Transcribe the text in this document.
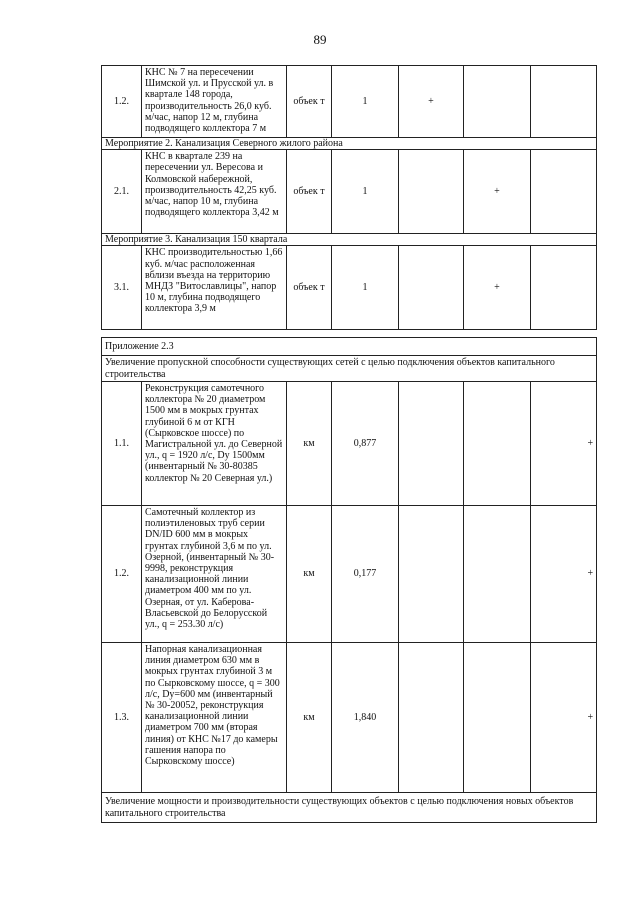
89
1.2.	КНС № 7 на пересечении Шимской ул. и Прусской ул. в квартале 148 города, производительность 26,0 куб. м/час, напор 12 м, глубина подводящего коллектора 7 м	объек т	1	+		
Мероприятие 2. Канализация Северного жилого района						
2.1.	КНС в квартале 239 на пересечении ул. Вересова и Колмовской набережной, производительность 42,25 куб. м/час, напор 10 м, глубина подводящего коллектора 3,42 м	объек т	1		+	
Мероприятие 3. Канализация 150 квартала						
3.1.	КНС производительностью 1,66 куб. м/час расположенная вблизи въезда на территорию МНДЗ "Витославлицы", напор 10 м, глубина подводящего коллектора 3,9 м	объек т	1		+	
Приложение 2.3						
Увеличение пропускной способности существующих сетей с целью подключения объектов капитального строительства						
1.1.	Реконструкция самотечного коллектора № 20 диаметром 1500 мм в мокрых грунтах глубиной 6 м от КГН (Сырковское шоссе) по Магистральной ул. до Северной ул., q = 1920 л/с, Dy 1500мм (инвентарный № 30-80385 коллектор № 20 Северная ул.)	км	0,877			+
1.2.	Самотечный коллектор из полиэтиленовых труб серии DN/ID 600 мм в мокрых грунтах глубиной 3,6 м по ул. Озерной, (инвентарный № 30-9998, реконструкция канализационной линии диаметром 400 мм по ул. Озерная, от ул. Каберова-Власьевской до Белорусской ул., q = 253.30 л/с)	км	0,177			+
1.3.	Напорная канализационная линия диаметром 630 мм в мокрых грунтах глубиной 3 м по Сырковскому шоссе, q = 300 л/с, Dy=600 мм (инвентарный № 30-20052, реконструкция канализационной линии диаметром 700 мм (вторая линия) от КНС №17 до камеры гашения напора по Сырковскому шоссе)	км	1,840			+
Увеличение мощности и производительности существующих объектов с целью подключения новых объектов капитального строительства						
